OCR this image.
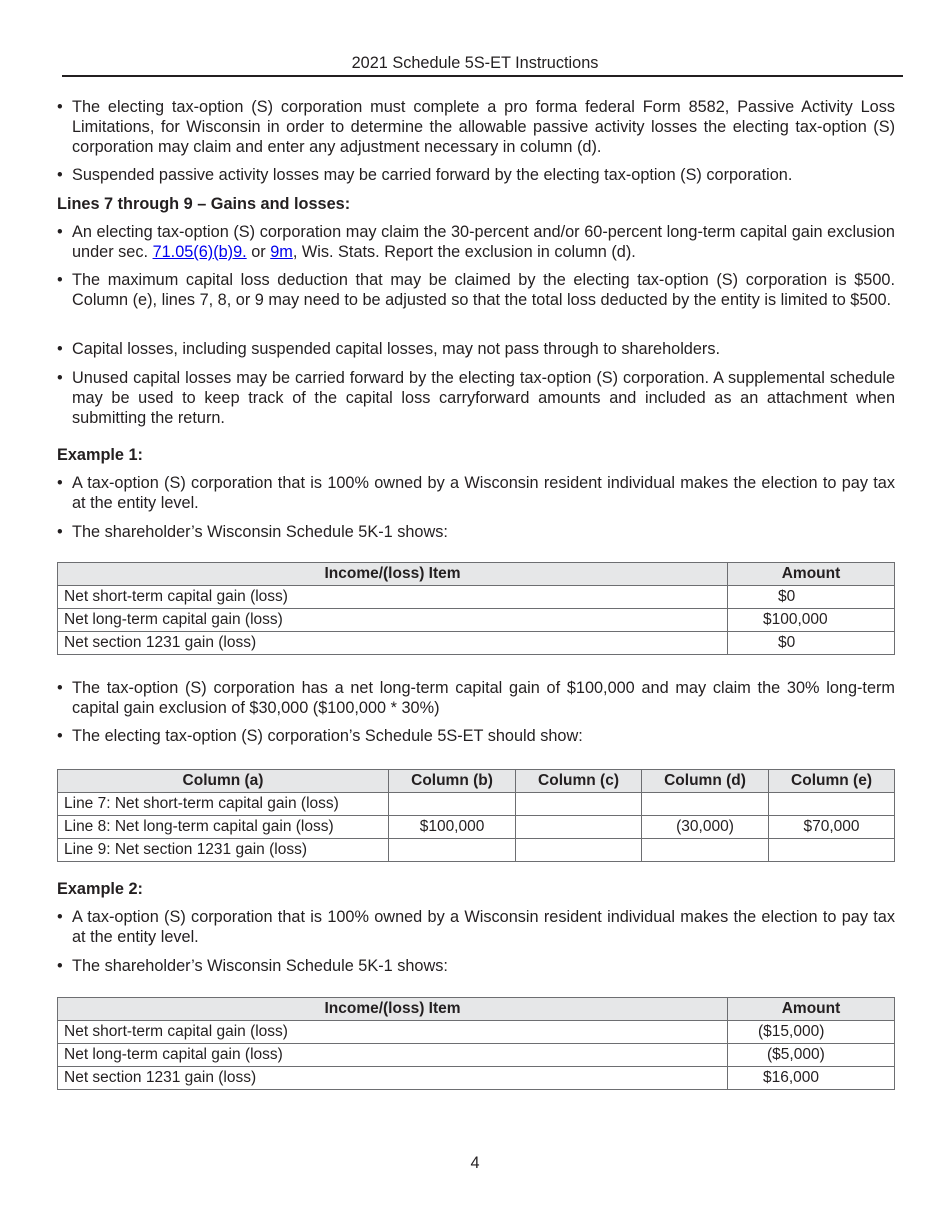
2021 Schedule 5S-ET Instructions
• The electing tax-option (S) corporation must complete a pro forma federal Form 8582, Passive Activity Loss Limitations, for Wisconsin in order to determine the allowable passive activity losses the electing tax-option (S) corporation may claim and enter any adjustment necessary in column (d).
• Suspended passive activity losses may be carried forward by the electing tax-option (S) corporation.
Lines 7 through 9 – Gains and losses:
• An electing tax-option (S) corporation may claim the 30-percent and/or 60-percent long-term capital gain exclusion under sec. 71.05(6)(b)9. or 9m, Wis. Stats. Report the exclusion in column (d).
• The maximum capital loss deduction that may be claimed by the electing tax-option (S) corporation is $500. Column (e), lines 7, 8, or 9 may need to be adjusted so that the total loss deducted by the entity is limited to $500.
• Capital losses, including suspended capital losses, may not pass through to shareholders.
• Unused capital losses may be carried forward by the electing tax-option (S) corporation. A supplemental schedule may be used to keep track of the capital loss carryforward amounts and included as an attachment when submitting the return.
Example 1:
• A tax-option (S) corporation that is 100% owned by a Wisconsin resident individual makes the election to pay tax at the entity level.
• The shareholder’s Wisconsin Schedule 5K-1 shows:
Income/(loss) Item	Amount
Net short-term capital gain (loss)	$0
Net long-term capital gain (loss)	$100,000
Net section 1231 gain (loss)	$0
• The tax-option (S) corporation has a net long-term capital gain of $100,000 and may claim the 30% long-term capital gain exclusion of $30,000 ($100,000 * 30%)
• The electing tax-option (S) corporation’s Schedule 5S-ET should show:
Column (a)	Column (b)	Column (c)	Column (d)	Column (e)
Line 7: Net short-term capital gain (loss)				
Line 8: Net long-term capital gain (loss)	$100,000		(30,000)	$70,000
Line 9: Net section 1231 gain (loss)				
Example 2:
• A tax-option (S) corporation that is 100% owned by a Wisconsin resident individual makes the election to pay tax at the entity level.
• The shareholder’s Wisconsin Schedule 5K-1 shows:
Income/(loss) Item	Amount
Net short-term capital gain (loss)	($15,000)
Net long-term capital gain (loss)	($5,000)
Net section 1231 gain (loss)	$16,000
4
